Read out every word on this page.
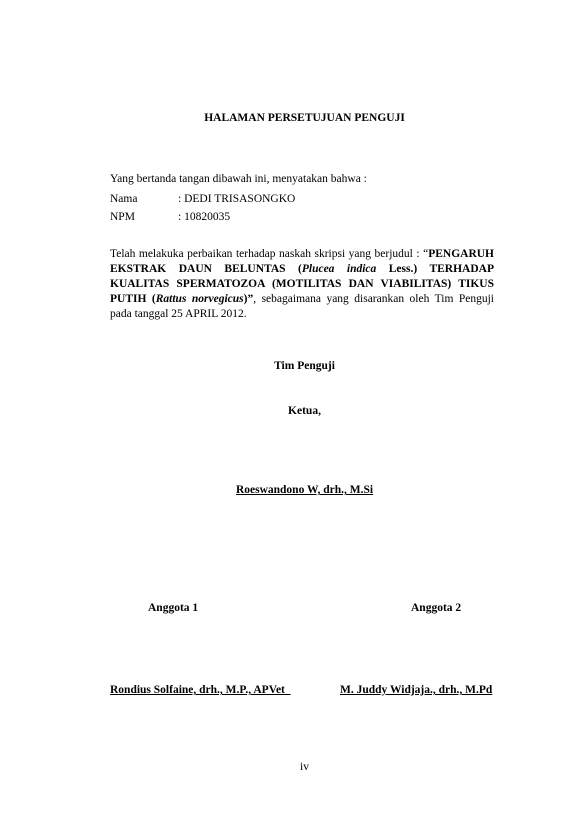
HALAMAN PERSETUJUAN PENGUJI
Yang bertanda tangan dibawah ini, menyatakan bahwa :
Nama	: DEDI TRISASONGKO
NPM	: 10820035
Telah melakuka perbaikan terhadap naskah skripsi yang berjudul : “PENGARUH EKSTRAK DAUN BELUNTAS (Plucea indica Less.) TERHADAP KUALITAS SPERMATOZOA (MOTILITAS DAN VIABILITAS) TIKUS PUTIH (Rattus norvegicus)”, sebagaimana yang disarankan oleh Tim Penguji pada tanggal 25 APRIL 2012.
Tim Penguji
Ketua,
Roeswandono W, drh., M.Si
Anggota 1	Anggota 2
Rondius Solfaine, drh., M.P., APVet	M. Juddy Widjaja., drh., M.Pd
iv
